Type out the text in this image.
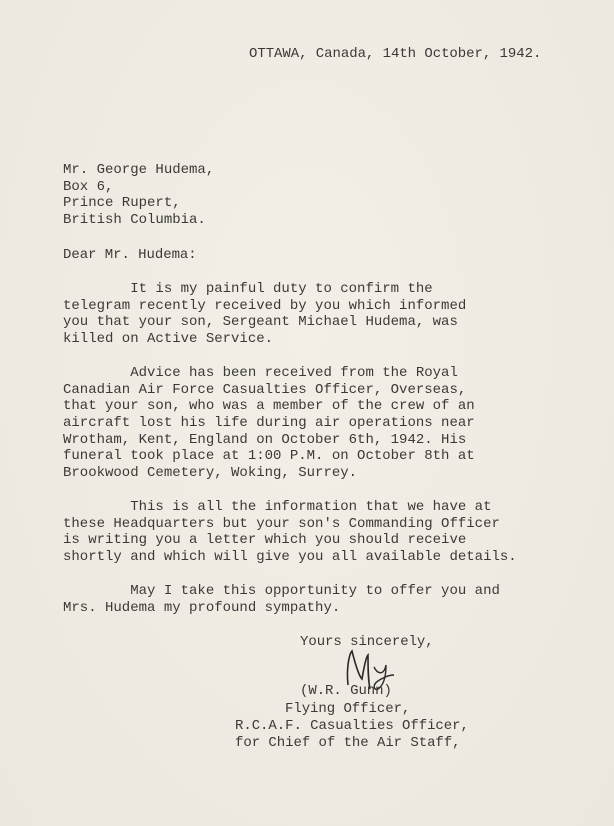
OTTAWA, Canada, 14th October, 1942.
Mr. George Hudema,
Box 6,
Prince Rupert,
British Columbia.
Dear Mr. Hudema:
It is my painful duty to confirm the
telegram recently received by you which informed
you that your son, Sergeant Michael Hudema, was
killed on Active Service.
Advice has been received from the Royal
Canadian Air Force Casualties Officer, Overseas,
that your son, who was a member of the crew of an
aircraft lost his life during air operations near
Wrotham, Kent, England on October 6th, 1942. His
funeral took place at 1:00 P.M. on October 8th at
Brookwood Cemetery, Woking, Surrey.
This is all the information that we have at
these Headquarters but your son's Commanding Officer
is writing you a letter which you should receive
shortly and which will give you all available details.
May I take this opportunity to offer you and
Mrs. Hudema my profound sympathy.
Yours sincerely,
(W.R. Gunn)
Flying Officer,
R.C.A.F. Casualties Officer,
for Chief of the Air Staff,
